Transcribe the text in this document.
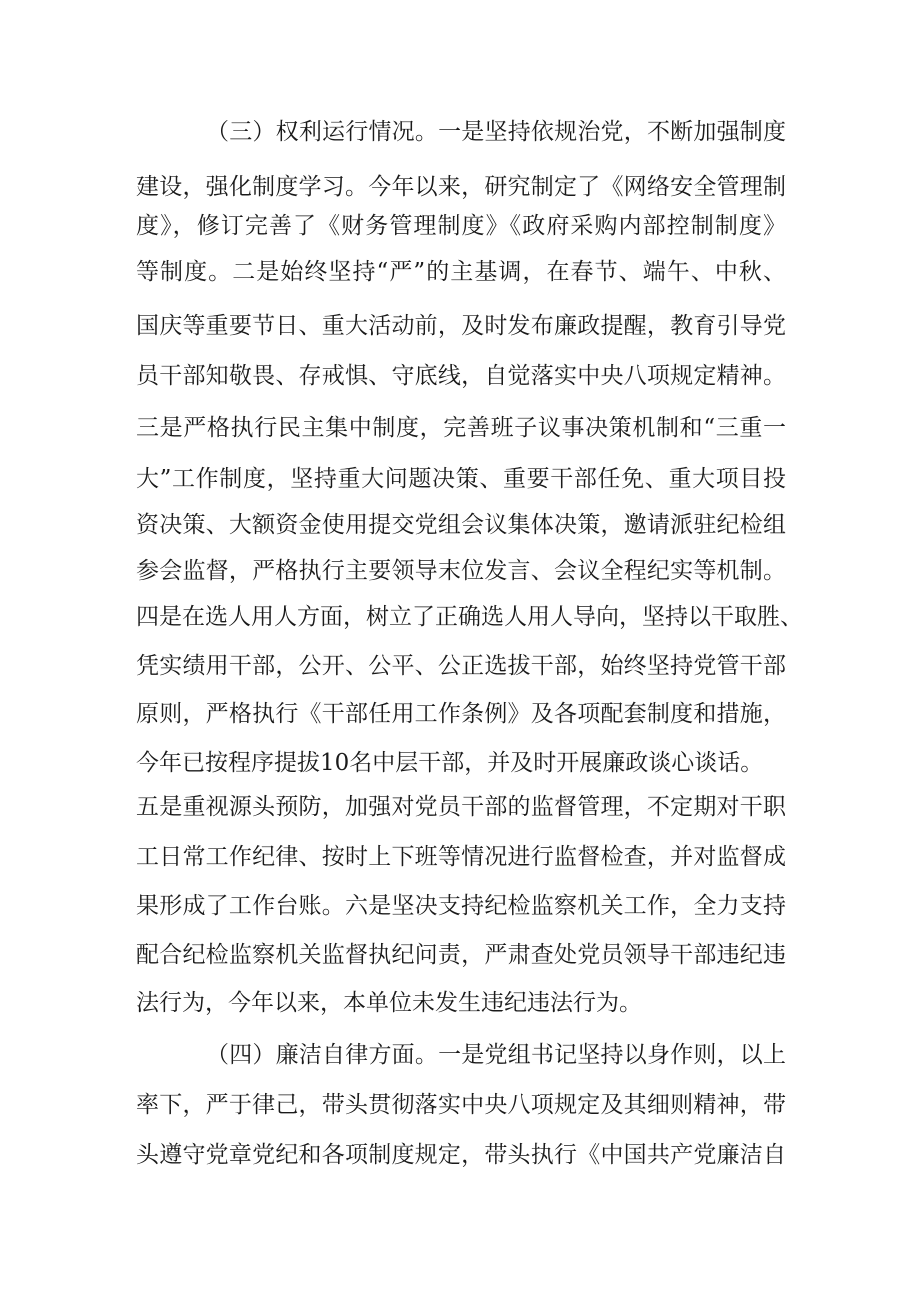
（三）权利运行情况。一是坚持依规治党，不断加强制度
建设，强化制度学习。今年以来，研究制定了《网络安全管理制
度》，修订完善了《财务管理制度》《政府采购内部控制制度》
等制度。二是始终坚持“严”的主基调，在春节、端午、中秋、
国庆等重要节日、重大活动前，及时发布廉政提醒，教育引导党
员干部知敬畏、存戒惧、守底线，自觉落实中央八项规定精神。
三是严格执行民主集中制度，完善班子议事决策机制和“三重一
大”工作制度，坚持重大问题决策、重要干部任免、重大项目投
资决策、大额资金使用提交党组会议集体决策，邀请派驻纪检组
参会监督，严格执行主要领导末位发言、会议全程纪实等机制。
四是在选人用人方面，树立了正确选人用人导向，坚持以干取胜、
凭实绩用干部，公开、公平、公正选拔干部，始终坚持党管干部
原则，严格执行《干部任用工作条例》及各项配套制度和措施，
今年已按程序提拔10名中层干部，并及时开展廉政谈心谈话。
五是重视源头预防，加强对党员干部的监督管理，不定期对干职
工日常工作纪律、按时上下班等情况进行监督检查，并对监督成
果形成了工作台账。六是坚决支持纪检监察机关工作，全力支持
配合纪检监察机关监督执纪问责，严肃查处党员领导干部违纪违
法行为，今年以来，本单位未发生违纪违法行为。
（四）廉洁自律方面。一是党组书记坚持以身作则，以上
率下，严于律己，带头贯彻落实中央八项规定及其细则精神，带
头遵守党章党纪和各项制度规定，带头执行《中国共产党廉洁自
